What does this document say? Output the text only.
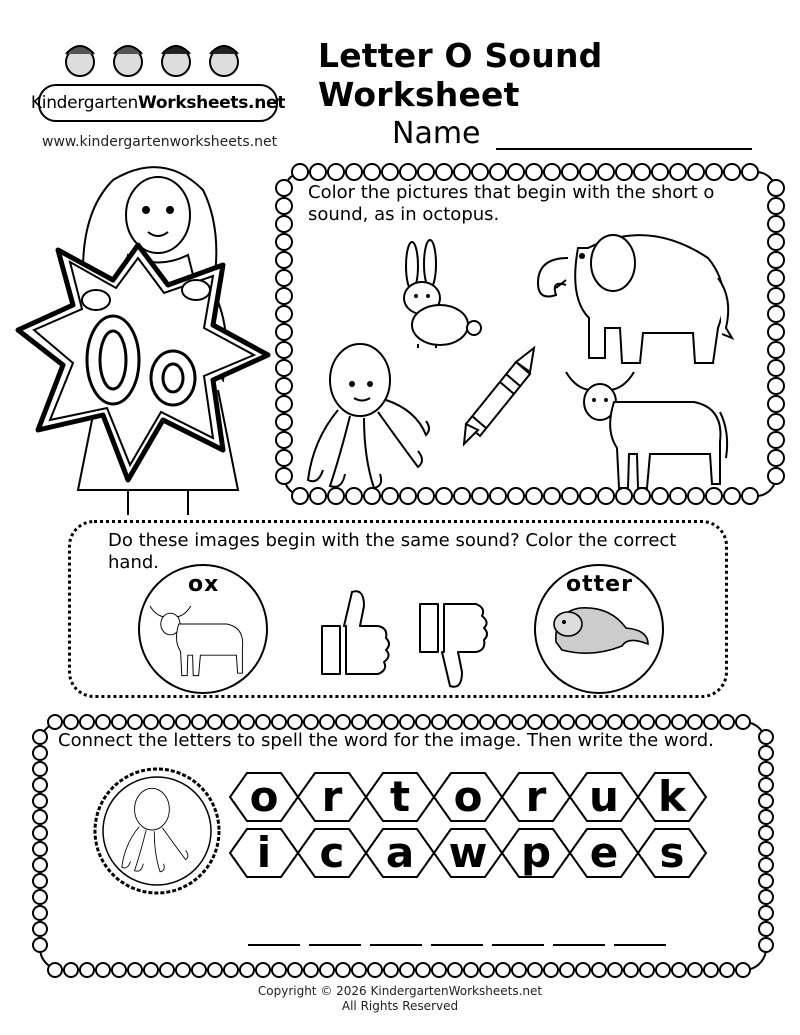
Kindergarten Worksheets.net
www.kindergartenworksheets.net
Letter O Sound Worksheet
Name
Color the pictures that begin with the short o sound, as in octopus.
Do these images begin with the same sound? Color the correct hand.
ox	otter
Connect the letters to spell the word for the image. Then write the word.
o r t o r u k
i c a w p e s
Copyright © 2026 KindergartenWorksheets.net
All Rights Reserved
